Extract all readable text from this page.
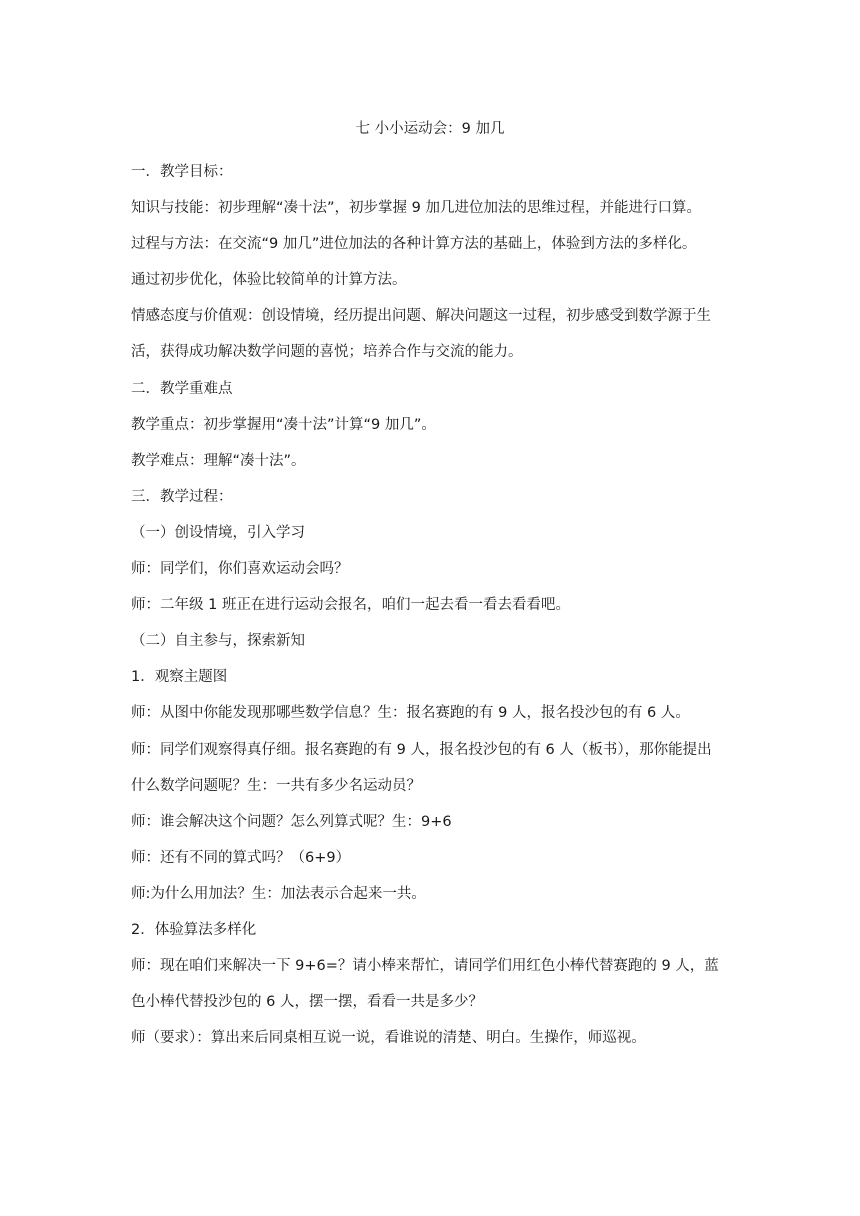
七 小小运动会：9 加几

一．教学目标：

知识与技能：初步理解“凑十法”，初步掌握 9 加几进位加法的思维过程，并能进行口算。

过程与方法：在交流“9 加几”进位加法的各种计算方法的基础上，体验到方法的多样化。

通过初步优化，体验比较简单的计算方法。

情感态度与价值观：创设情境，经历提出问题、解决问题这一过程，初步感受到数学源于生

活，获得成功解决数学问题的喜悦；培养合作与交流的能力。

二．教学重难点

教学重点：初步掌握用“凑十法”计算“9 加几”。

教学难点：理解“凑十法”。

三．教学过程：

（一）创设情境，引入学习

师：同学们，你们喜欢运动会吗？

师：二年级 1 班正在进行运动会报名，咱们一起去看一看去看看吧。

（二）自主参与，探索新知

1．观察主题图

师：从图中你能发现那哪些数学信息？生：报名赛跑的有 9 人，报名投沙包的有 6 人。

师：同学们观察得真仔细。报名赛跑的有 9 人，报名投沙包的有 6 人（板书），那你能提出

什么数学问题呢？生：一共有多少名运动员？

师：谁会解决这个问题？怎么列算式呢？生：9+6

师：还有不同的算式吗？（6+9）

师:为什么用加法？生：加法表示合起来一共。

2．体验算法多样化

师：现在咱们来解决一下 9+6=？请小棒来帮忙，请同学们用红色小棒代替赛跑的 9 人，蓝

色小棒代替投沙包的 6 人，摆一摆，看看一共是多少？

师（要求）：算出来后同桌相互说一说，看谁说的清楚、明白。生操作，师巡视。
